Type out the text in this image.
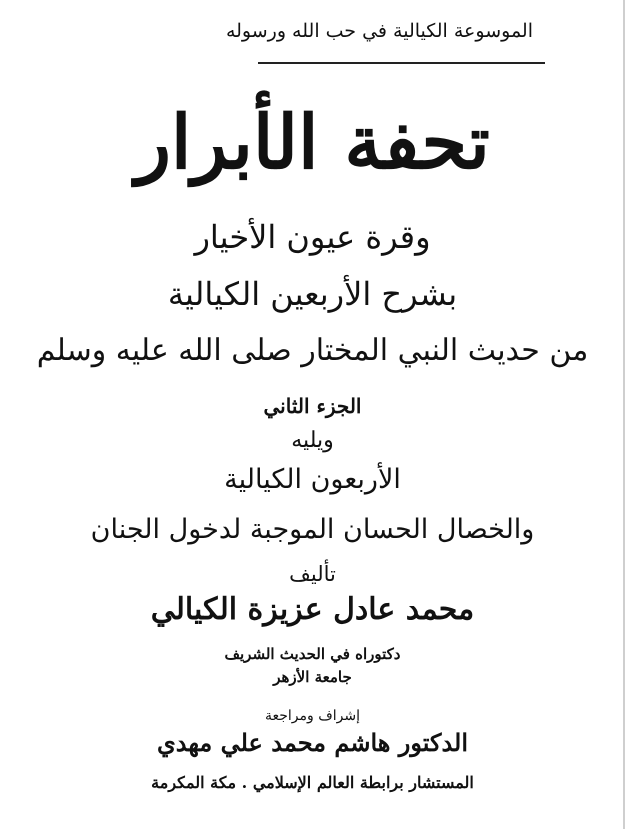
الموسوعة الكيالية في حب الله ورسوله
تحفة الأبرار
وقرة عيون الأخيار
بشرح الأربعين الكيالية
من حديث النبي المختار صلى الله عليه وسلم
الجزء الثاني
ويليه
الأربعون الكيالية
والخصال الحسان الموجبة لدخول الجنان
تأليف
محمد عادل عزيزة الكيالي
دكتوراه في الحديث الشريف
جامعة الأزهر
إشراف ومراجعة
الدكتور هاشم محمد علي مهدي
المستشار برابطة العالم الإسلامي . مكة المكرمة
